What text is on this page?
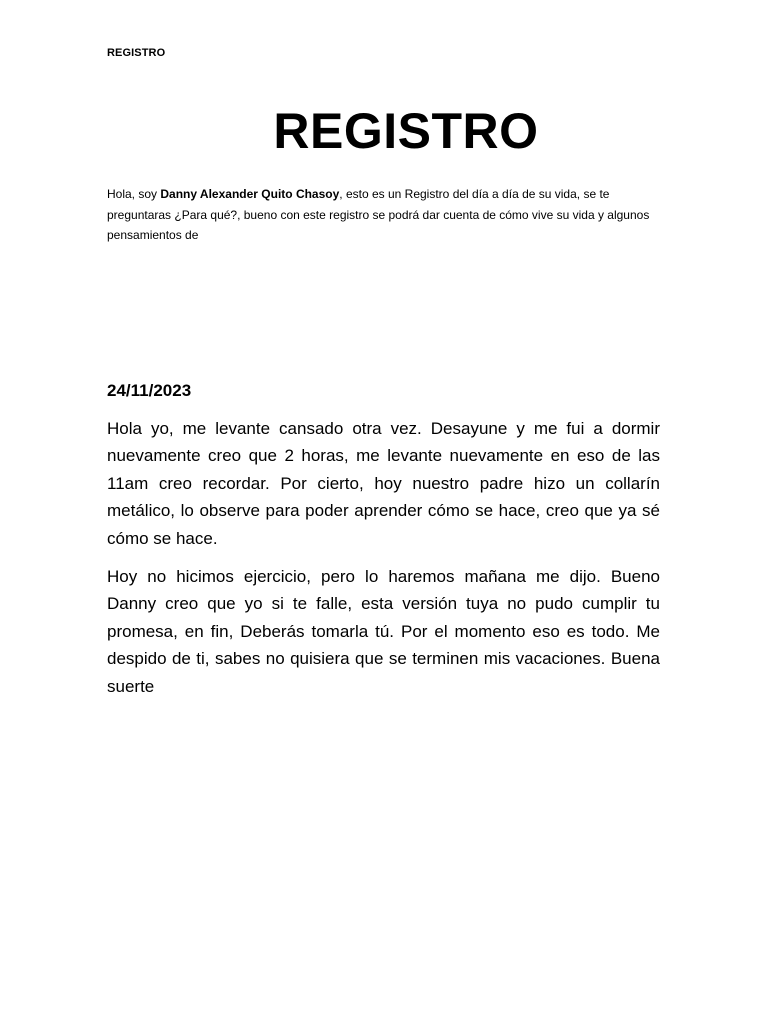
REGISTRO
REGISTRO

Hola, soy Danny Alexander Quito Chasoy, esto es un Registro del día a día de su vida, se te preguntaras ¿Para qué?, bueno con este registro se podrá dar cuenta de cómo vive su vida y algunos pensamientos de

24/11/2023

Hola yo, me levante cansado otra vez. Desayune y me fui a dormir nuevamente creo que 2 horas, me levante nuevamente en eso de las 11am creo recordar. Por cierto, hoy nuestro padre hizo un collarín metálico, lo observe para poder aprender cómo se hace, creo que ya sé cómo se hace.

Hoy no hicimos ejercicio, pero lo haremos mañana me dijo. Bueno Danny creo que yo si te falle, esta versión tuya no pudo cumplir tu promesa, en fin, Deberás tomarla tú. Por el momento eso es todo. Me despido de ti, sabes no quisiera que se terminen mis vacaciones. Buena suerte
